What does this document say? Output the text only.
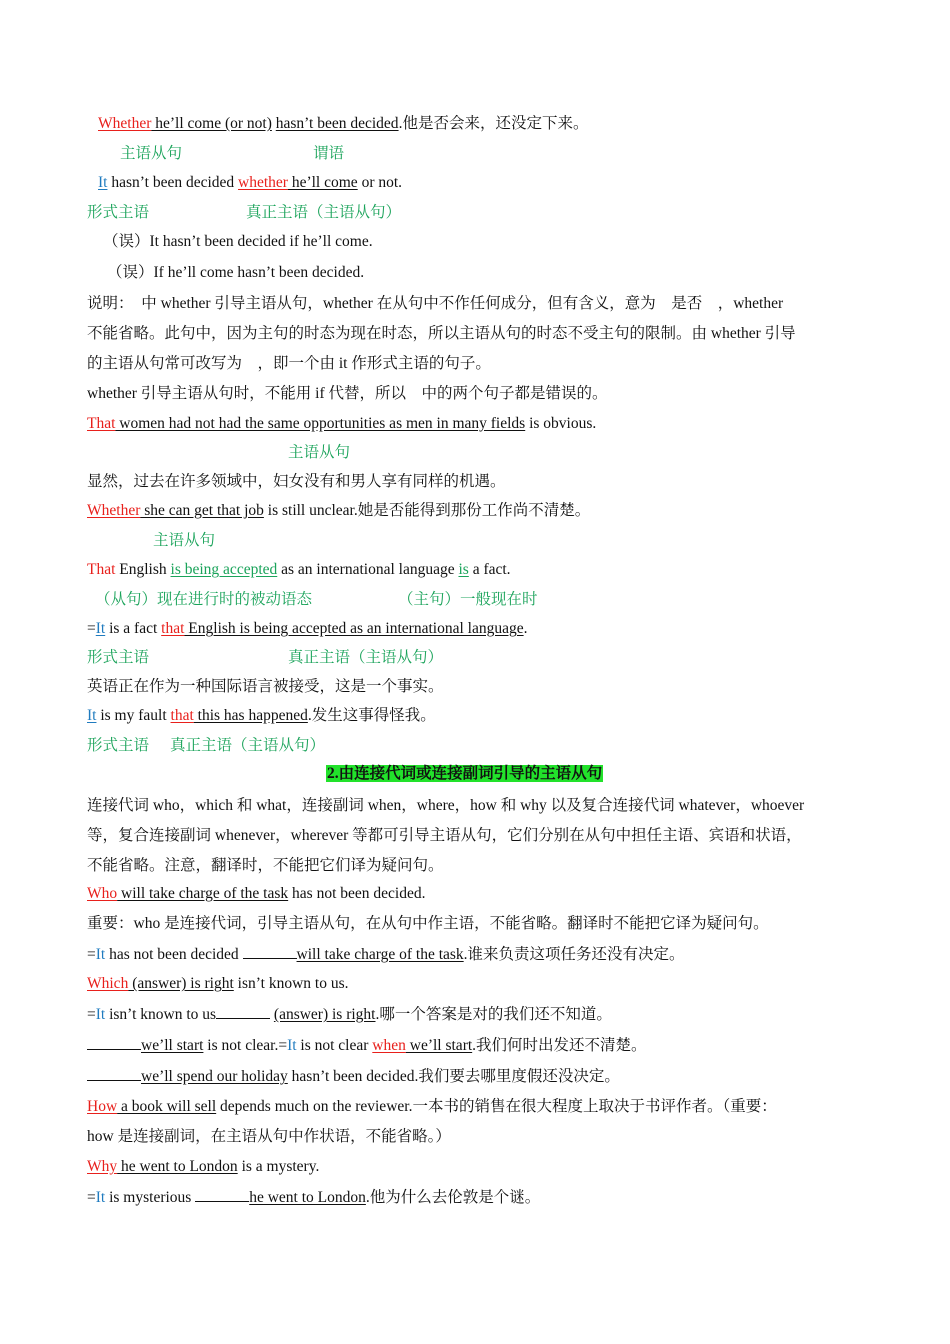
Whether he’ll come (or not) hasn’t been decided.他是否会来，还没定下来。
主语从句	谓语
It hasn’t been decided whether he’ll come or not.
形式主语	真正主语（主语从句）
（误）It hasn’t been decided if he’ll come.
（误）If he’ll come hasn’t been decided.
说明：　中 whether 引导主语从句，whether 在从句中不作任何成分，但有含义，意为　是否　，whether
不能省略。此句中，因为主句的时态为现在时态，所以主语从句的时态不受主句的限制。由 whether 引导
的主语从句常可改写为　，即一个由 it 作形式主语的句子。
whether 引导主语从句时，不能用 if 代替，所以　中的两个句子都是错误的。
That women had not had the same opportunities as men in many fields is obvious.
主语从句
显然，过去在许多领域中，妇女没有和男人享有同样的机遇。
Whether she can get that job is still unclear.她是否能得到那份工作尚不清楚。
主语从句
That English is being accepted as an international language is a fact.
（从句）现在进行时的被动语态	（主句）一般现在时
=It is a fact that English is being accepted as an international language.
形式主语	真正主语（主语从句）
英语正在作为一种国际语言被接受，这是一个事实。
It is my fault that this has happened.发生这事得怪我。
形式主语 真正主语（主语从句）
2.由连接代词或连接副词引导的主语从句
连接代词 who，which 和 what，连接副词 when，where，how 和 why 以及复合连接代词 whatever，whoever
等，复合连接副词 whenever，wherever 等都可引导主语从句，它们分别在从句中担任主语、宾语和状语，
不能省略。注意，翻译时，不能把它们译为疑问句。
Who will take charge of the task has not been decided.
重要：who 是连接代词，引导主语从句，在从句中作主语，不能省略。翻译时不能把它译为疑问句。
=It has not been decided	will take charge of the task.谁来负责这项任务还没有决定。
Which (answer) is right isn’t known to us.
=It isn’t known to us	(answer) is right.哪一个答案是对的我们还不知道。
we’ll start is not clear.=It is not clear when we’ll start.我们何时出发还不清楚。
we’ll spend our holiday hasn’t been decided.我们要去哪里度假还没决定。
How a book will sell depends much on the reviewer.一本书的销售在很大程度上取决于书评作者。（重要：
how 是连接副词，在主语从句中作状语，不能省略。）
Why he went to London is a mystery.
=It is mysterious	he went to London.他为什么去伦敦是个谜。
